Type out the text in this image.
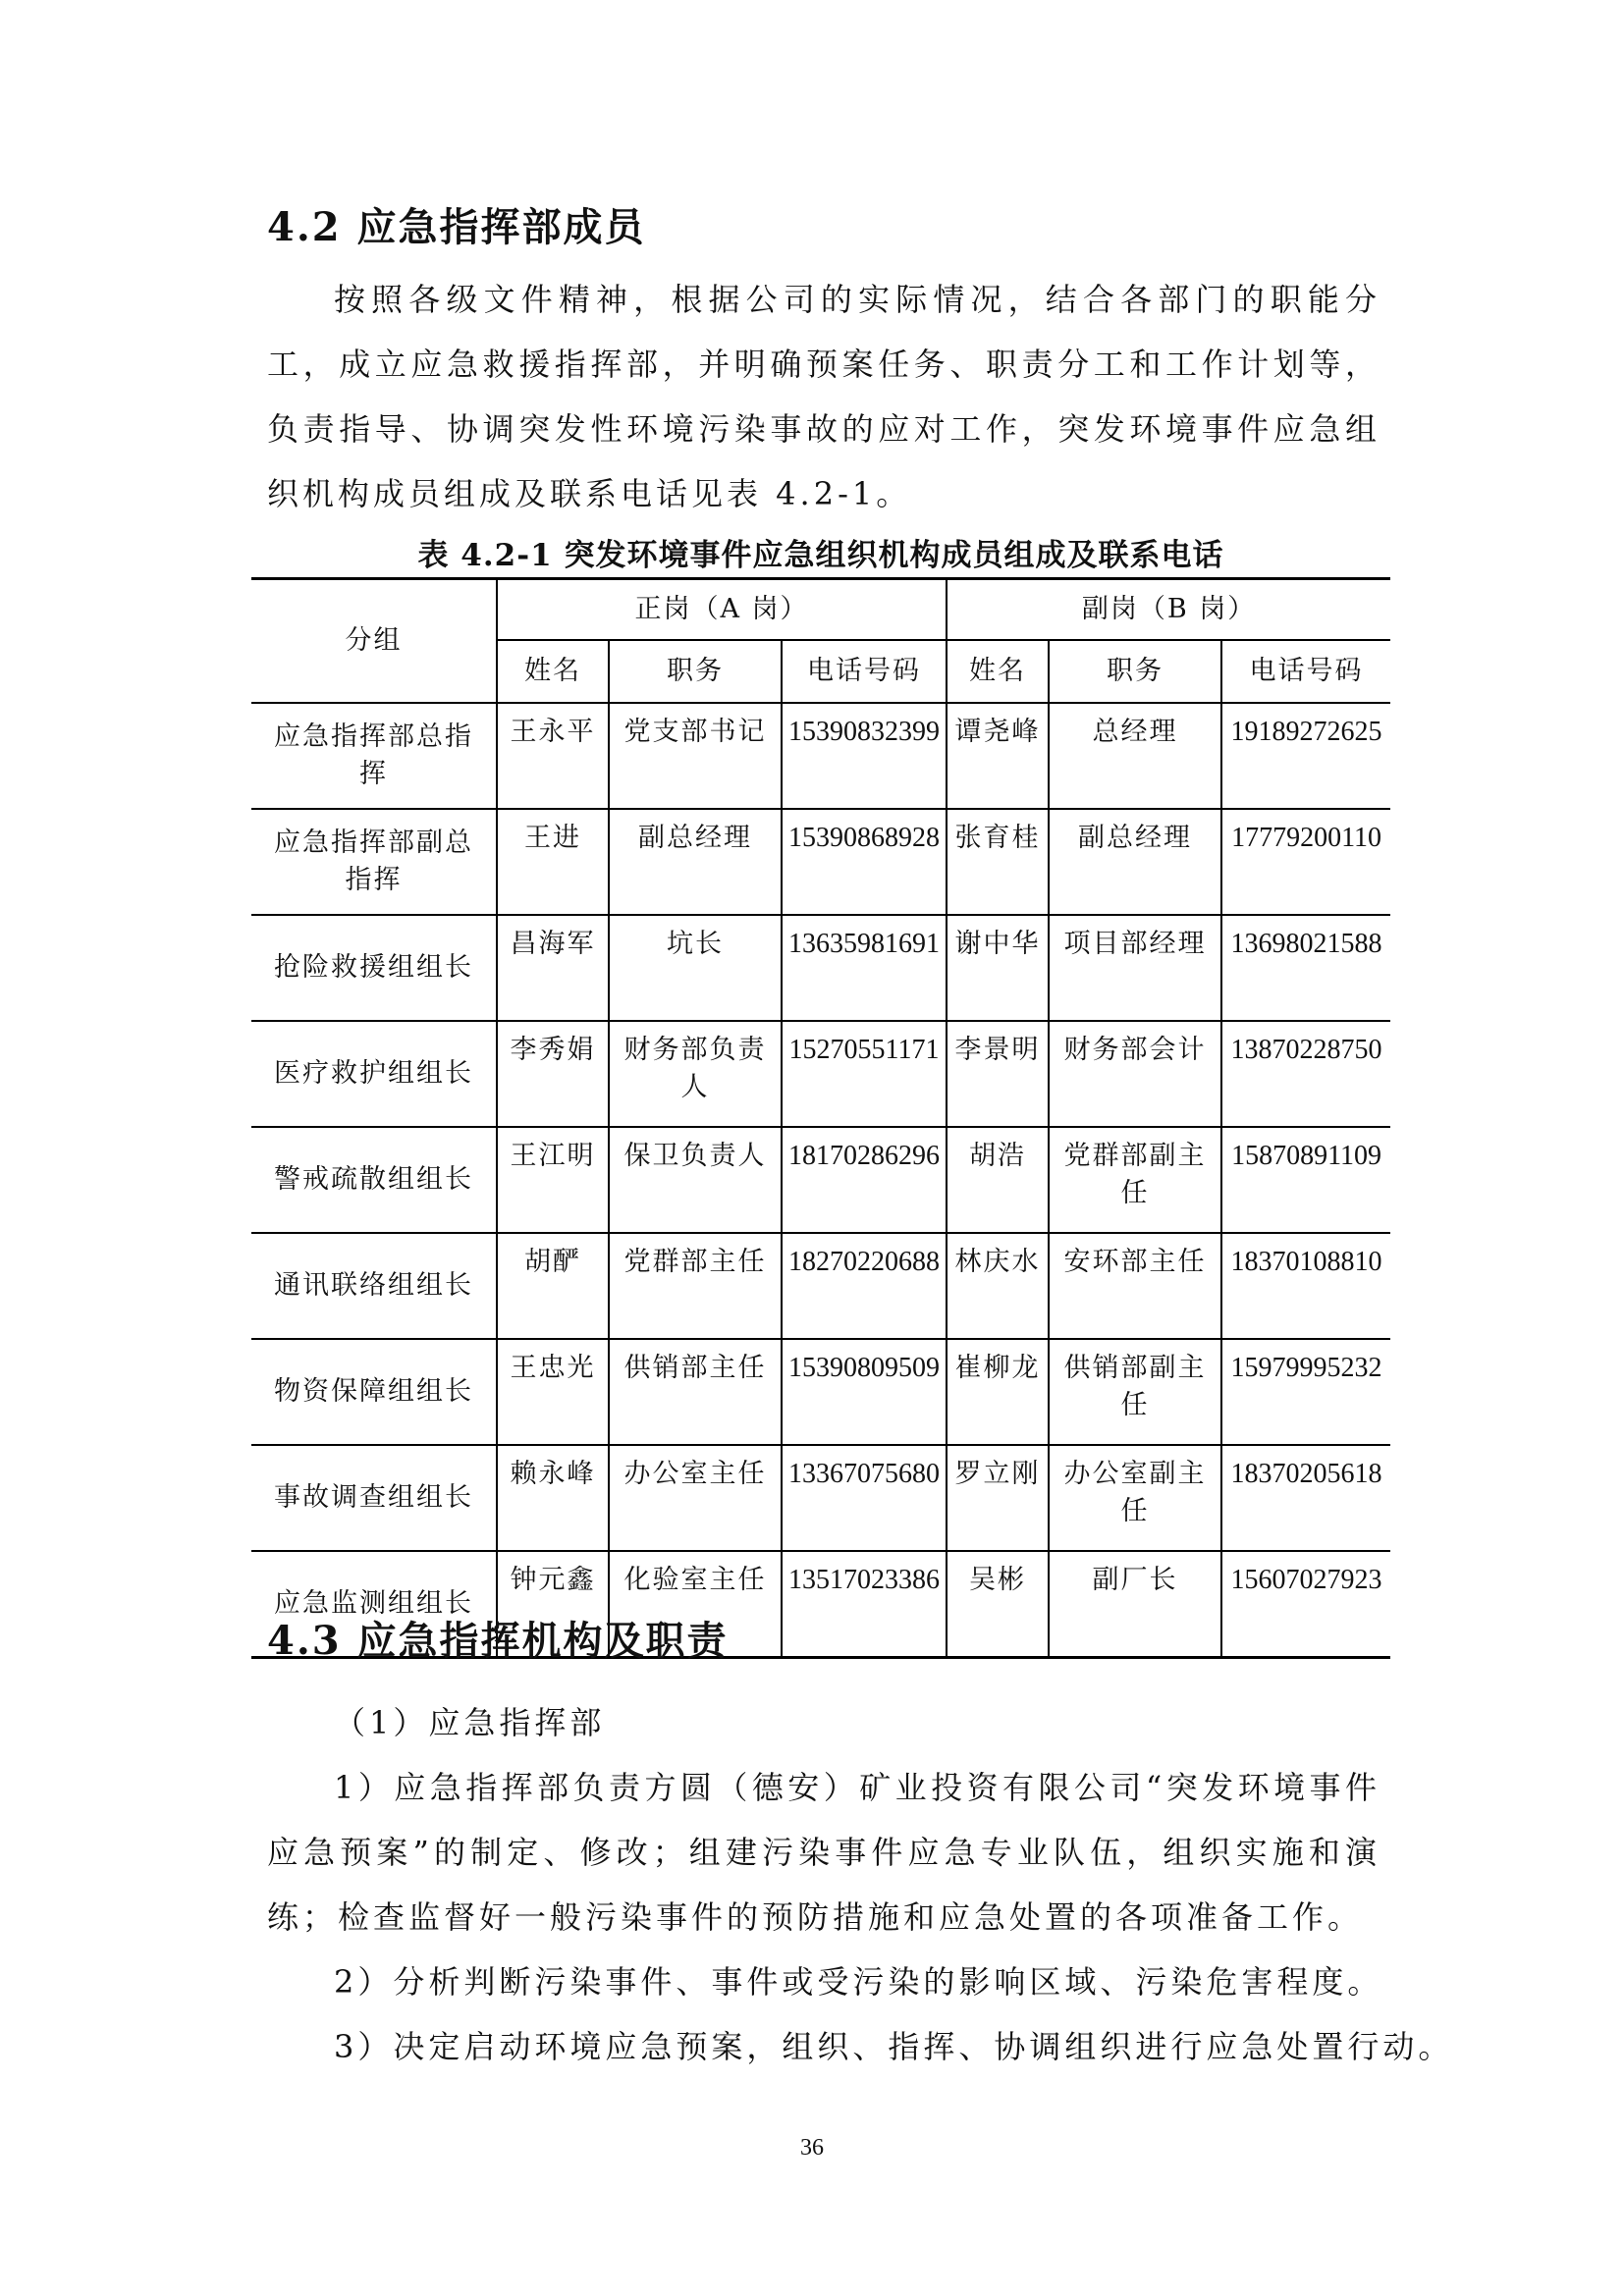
4.2 应急指挥部成员

按照各级文件精神，根据公司的实际情况，结合各部门的职能分工，成立应急救援指挥部，并明确预案任务、职责分工和工作计划等，负责指导、协调突发性环境污染事故的应对工作，突发环境事件应急组织机构成员组成及联系电话见表 4.2-1。

表 4.2-1 突发环境事件应急组织机构成员组成及联系电话
分组	正岗（A 岗）			副岗（B 岗）		
	姓名	职务	电话号码	姓名	职务	电话号码
应急指挥部总指挥	王永平	党支部书记	15390832399	谭尧峰	总经理	19189272625
应急指挥部副总指挥	王进	副总经理	15390868928	张育桂	副总经理	17779200110
抢险救援组组长	昌海军	坑长	13635981691	谢中华	项目部经理	13698021588
医疗救护组组长	李秀娟	财务部负责人	15270551171	李景明	财务部会计	13870228750
警戒疏散组组长	王江明	保卫负责人	18170286296	胡浩	党群部副主任	15870891109
通讯联络组组长	胡酽	党群部主任	18270220688	林庆水	安环部主任	18370108810
物资保障组组长	王忠光	供销部主任	15390809509	崔柳龙	供销部副主任	15979995232
事故调查组组长	赖永峰	办公室主任	13367075680	罗立刚	办公室副主任	18370205618
应急监测组组长	钟元鑫	化验室主任	13517023386	吴彬	副厂长	15607027923
4.3 应急指挥机构及职责

（1）应急指挥部

1）应急指挥部负责方圆（德安）矿业投资有限公司“突发环境事件应急预案”的制定、修改；组建污染事件应急专业队伍，组织实施和演练；检查监督好一般污染事件的预防措施和应急处置的各项准备工作。

2）分析判断污染事件、事件或受污染的影响区域、污染危害程度。

3）决定启动环境应急预案，组织、指挥、协调组织进行应急处置行动。

36
